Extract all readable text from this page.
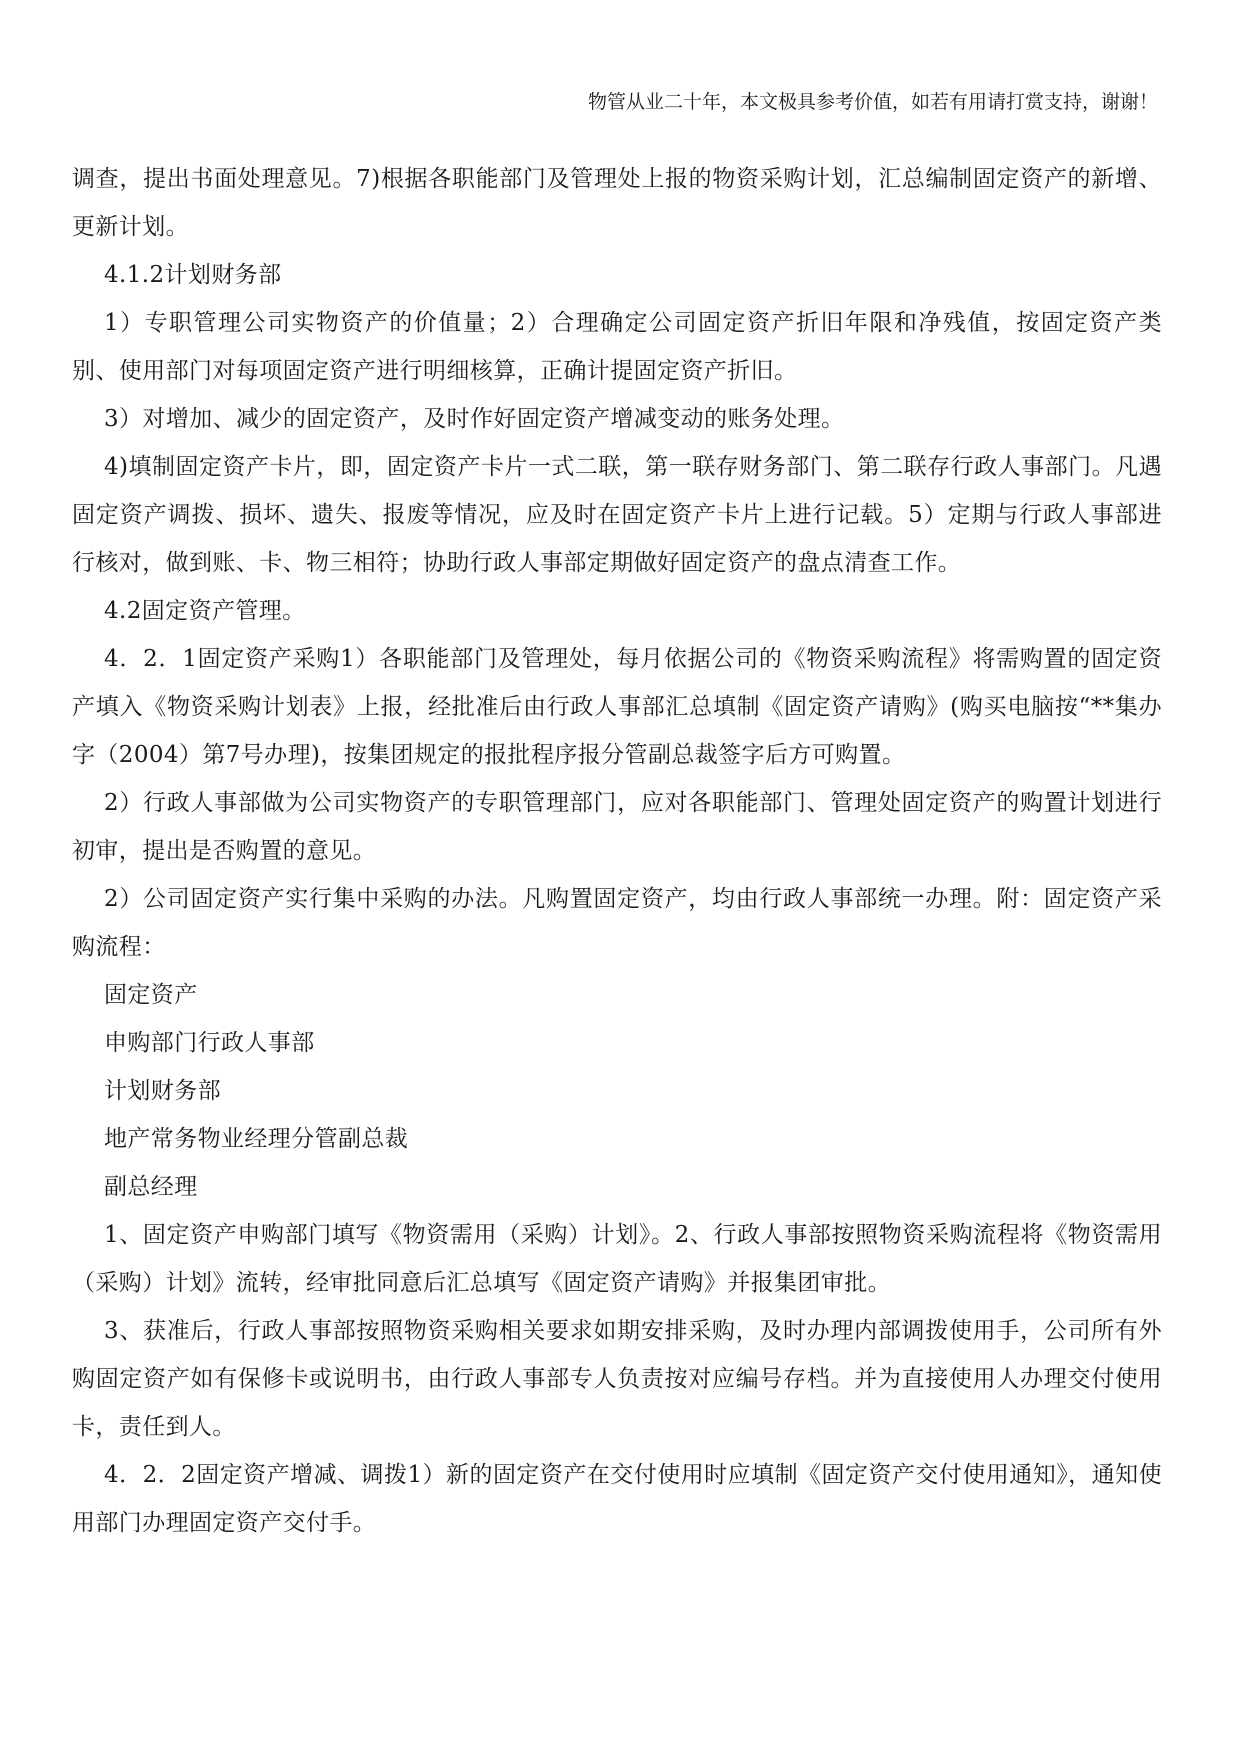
物管从业二十年，本文极具参考价值，如若有用请打赏支持，谢谢！

调查，提出书面处理意见。7)根据各职能部门及管理处上报的物资采购计划，汇总编制固定资产的新增、更新计划。

4.1.2计划财务部

1）专职管理公司实物资产的价值量；2）合理确定公司固定资产折旧年限和净残值，按固定资产类别、使用部门对每项固定资产进行明细核算，正确计提固定资产折旧。

3）对增加、减少的固定资产，及时作好固定资产增减变动的账务处理。

4)填制固定资产卡片，即，固定资产卡片一式二联，第一联存财务部门、第二联存行政人事部门。凡遇固定资产调拨、损坏、遗失、报废等情况，应及时在固定资产卡片上进行记载。5）定期与行政人事部进行核对，做到账、卡、物三相符；协助行政人事部定期做好固定资产的盘点清查工作。

4.2固定资产管理。

4．2．1固定资产采购1）各职能部门及管理处，每月依据公司的《物资采购流程》将需购置的固定资产填入《物资采购计划表》上报，经批准后由行政人事部汇总填制《固定资产请购》(购买电脑按“**集办字（2004）第7号办理)，按集团规定的报批程序报分管副总裁签字后方可购置。

2）行政人事部做为公司实物资产的专职管理部门，应对各职能部门、管理处固定资产的购置计划进行初审，提出是否购置的意见。

2）公司固定资产实行集中采购的办法。凡购置固定资产，均由行政人事部统一办理。附：固定资产采购流程：

固定资产

申购部门行政人事部

计划财务部

地产常务物业经理分管副总裁

副总经理

1、固定资产申购部门填写《物资需用（采购）计划》。2、行政人事部按照物资采购流程将《物资需用（采购）计划》流转，经审批同意后汇总填写《固定资产请购》并报集团审批。

3、获准后，行政人事部按照物资采购相关要求如期安排采购，及时办理内部调拨使用手，公司所有外购固定资产如有保修卡或说明书，由行政人事部专人负责按对应编号存档。并为直接使用人办理交付使用卡，责任到人。

4．2．2固定资产增减、调拨1）新的固定资产在交付使用时应填制《固定资产交付使用通知》，通知使用部门办理固定资产交付手。
